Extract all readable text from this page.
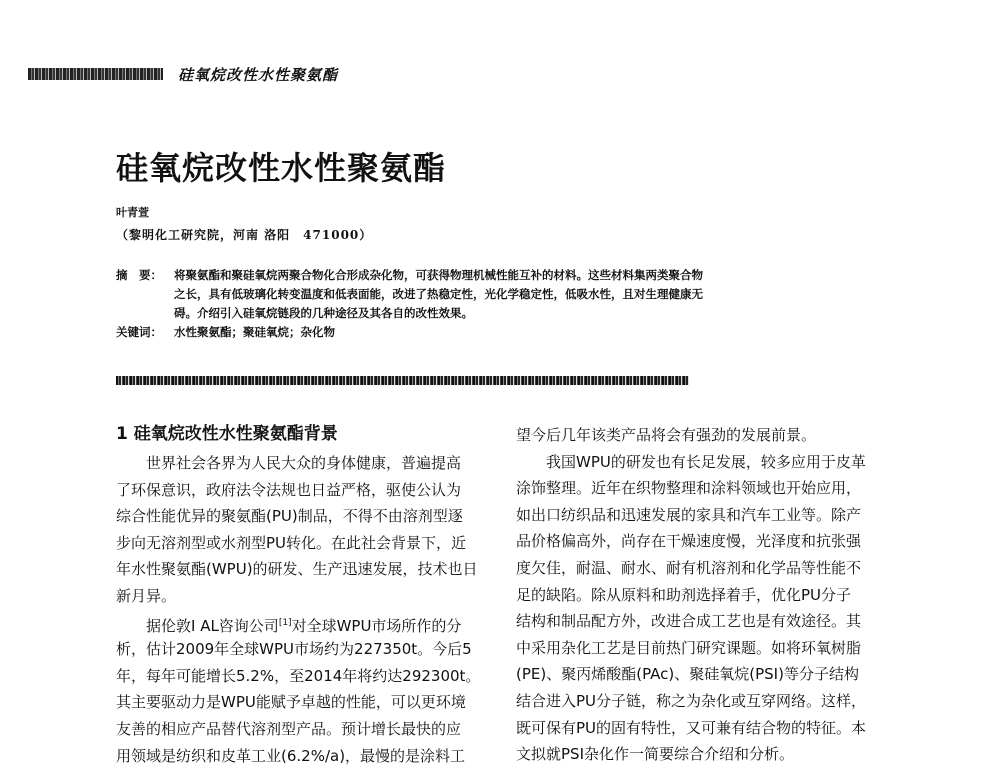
硅氧烷改性水性聚氨酯
硅氧烷改性水性聚氨酯
叶青萱
（黎明化工研究院，河南 洛阳　471000）
摘　要： 将聚氨酯和聚硅氧烷两聚合物化合形成杂化物，可获得物理机械性能互补的材料。这些材料集两类聚合物
之长，具有低玻璃化转变温度和低表面能，改进了热稳定性，光化学稳定性，低吸水性，且对生理健康无
碍。介绍引入硅氧烷链段的几种途径及其各自的改性效果。
关键词： 水性聚氨酯；聚硅氧烷；杂化物
1 硅氧烷改性水性聚氨酯背景
　　世界社会各界为人民大众的身体健康，普遍提高
了环保意识，政府法令法规也日益严格，驱使公认为
综合性能优异的聚氨酯(PU)制品，不得不由溶剂型逐
步向无溶剂型或水剂型PU转化。在此社会背景下，近
年水性聚氨酯(WPU)的研发、生产迅速发展，技术也日
新月异。
　　据伦敦I AL咨询公司[1]对全球WPU市场所作的分
析，估计2009年全球WPU市场约为227350t。今后5
年，每年可能增长5.2%，至2014年将约达292300t。
其主要驱动力是WPU能赋予卓越的性能，可以更环境
友善的相应产品替代溶剂型产品。预计增长最快的应
用领域是纺织和皮革工业(6.2%/a)，最慢的是涂料工
望今后几年该类产品将会有强劲的发展前景。
　　我国WPU的研发也有长足发展，较多应用于皮革
涂饰整理。近年在织物整理和涂料领域也开始应用，
如出口纺织品和迅速发展的家具和汽车工业等。除产
品价格偏高外，尚存在干燥速度慢，光泽度和抗张强
度欠佳，耐温、耐水、耐有机溶剂和化学品等性能不
足的缺陷。除从原料和助剂选择着手，优化PU分子
结构和制品配方外，改进合成工艺也是有效途径。其
中采用杂化工艺是目前热门研究课题。如将环氧树脂
(PE)、聚丙烯酸酯(PAc)、聚硅氧烷(PSI)等分子结构
结合进入PU分子链，称之为杂化或互穿网络。这样，
既可保有PU的固有特性，又可兼有结合物的特征。本
文拟就PSI杂化作一简要综合介绍和分析。
